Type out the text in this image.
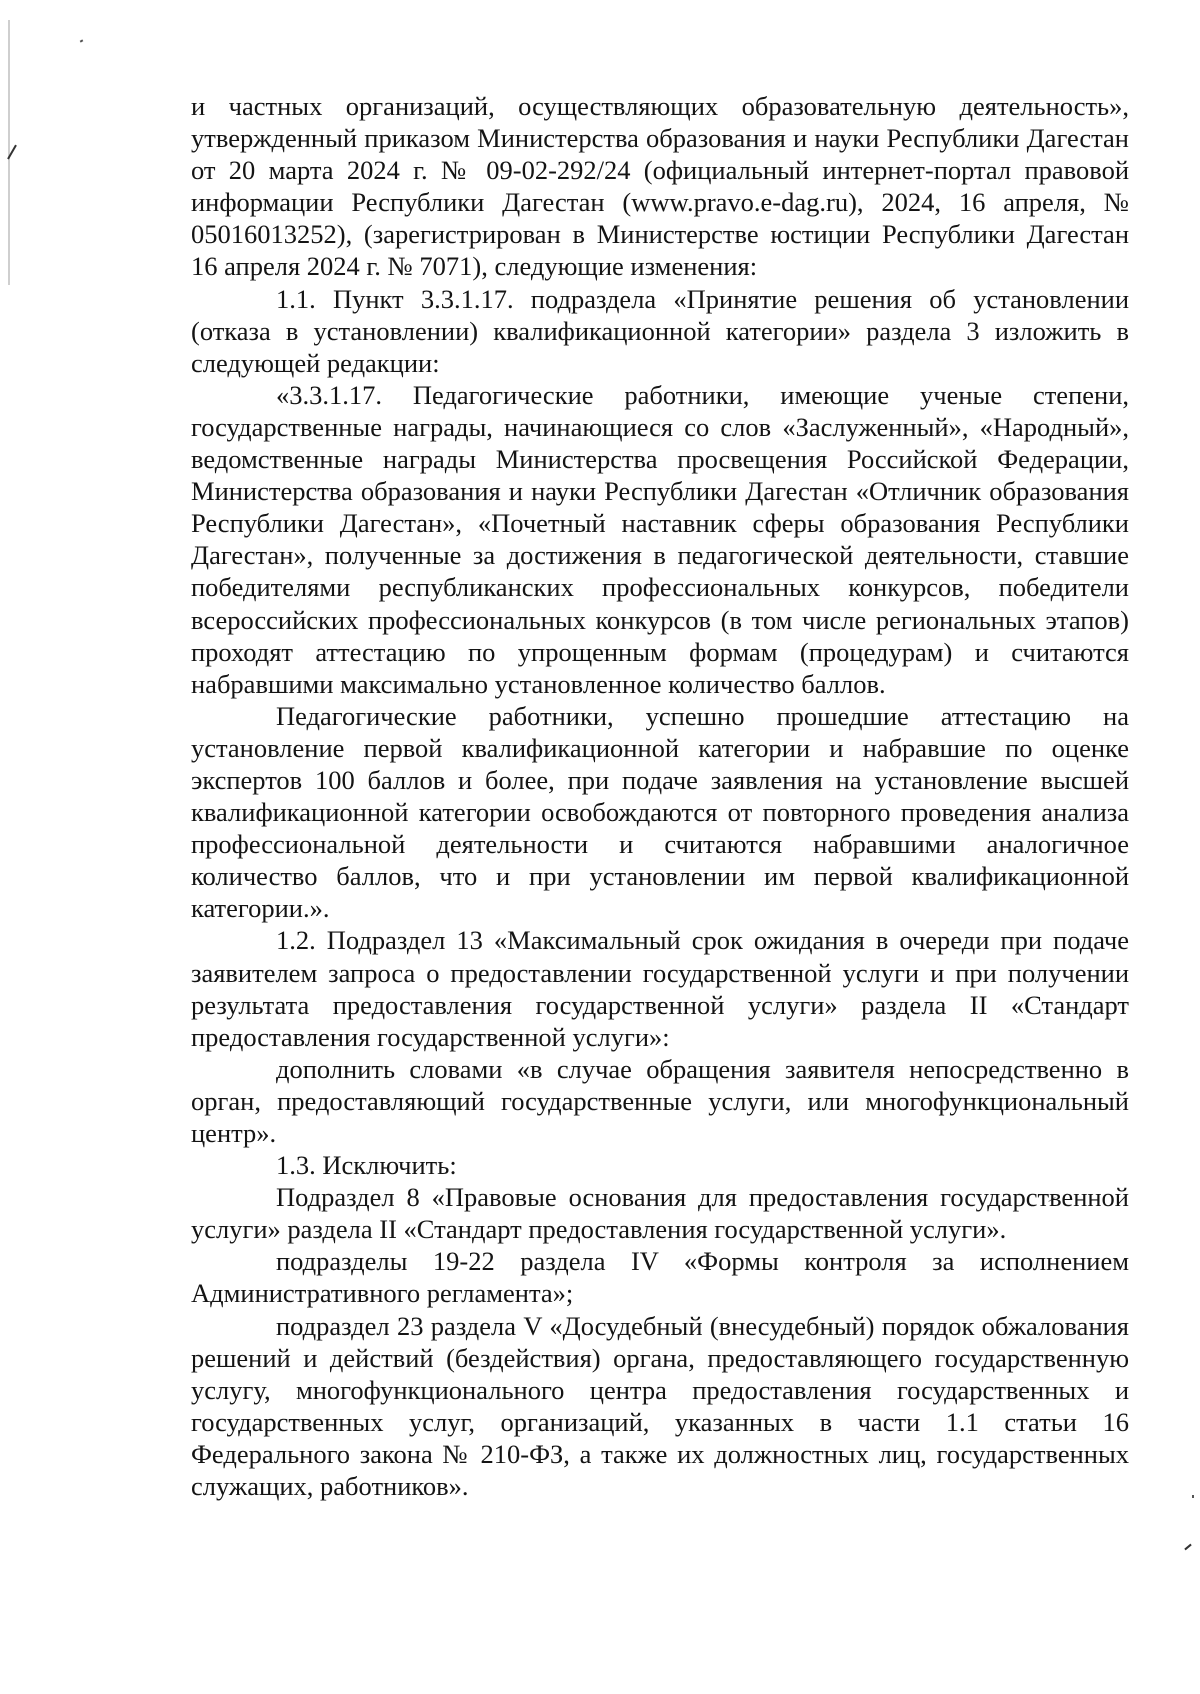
и частных организаций, осуществляющих образовательную деятельность», утвержденный приказом Министерства образования и науки Республики Дагестан от 20 марта 2024 г. № 09-02-292/24 (официальный интернет-портал правовой информации Республики Дагестан (www.pravo.e-dag.ru), 2024, 16 апреля, № 05016013252), (зарегистрирован в Министерстве юстиции Республики Дагестан 16 апреля 2024 г. № 7071), следующие изменения:

1.1. Пункт 3.3.1.17. подраздела «Принятие решения об установлении (отказа в установлении) квалификационной категории» раздела 3 изложить в следующей редакции:

«3.3.1.17. Педагогические работники, имеющие ученые степени, государственные награды, начинающиеся со слов «Заслуженный», «Народный», ведомственные награды Министерства просвещения Российской Федерации, Министерства образования и науки Республики Дагестан «Отличник образования Республики Дагестан», «Почетный наставник сферы образования Республики Дагестан», полученные за достижения в педагогической деятельности, ставшие победителями республиканских профессиональных конкурсов, победители всероссийских профессиональных конкурсов (в том числе региональных этапов) проходят аттестацию по упрощенным формам (процедурам) и считаются набравшими максимально установленное количество баллов.

Педагогические работники, успешно прошедшие аттестацию на установление первой квалификационной категории и набравшие по оценке экспертов 100 баллов и более, при подаче заявления на установление высшей квалификационной категории освобождаются от повторного проведения анализа профессиональной деятельности и считаются набравшими аналогичное количество баллов, что и при установлении им первой квалификационной категории.».

1.2. Подраздел 13 «Максимальный срок ожидания в очереди при подаче заявителем запроса о предоставлении государственной услуги и при получении результата предоставления государственной услуги» раздела II «Стандарт предоставления государственной услуги»:

дополнить словами «в случае обращения заявителя непосредственно в орган, предоставляющий государственные услуги, или многофункциональный центр».

1.3. Исключить:

Подраздел 8 «Правовые основания для предоставления государственной услуги» раздела II «Стандарт предоставления государственной услуги».

подразделы 19-22 раздела IV «Формы контроля за исполнением Административного регламента»;

подраздел 23 раздела V «Досудебный (внесудебный) порядок обжалования решений и действий (бездействия) органа, предоставляющего государственную услугу, многофункционального центра предоставления государственных и государственных услуг, организаций, указанных в части 1.1 статьи 16 Федерального закона № 210-ФЗ, а также их должностных лиц, государственных служащих, работников».
